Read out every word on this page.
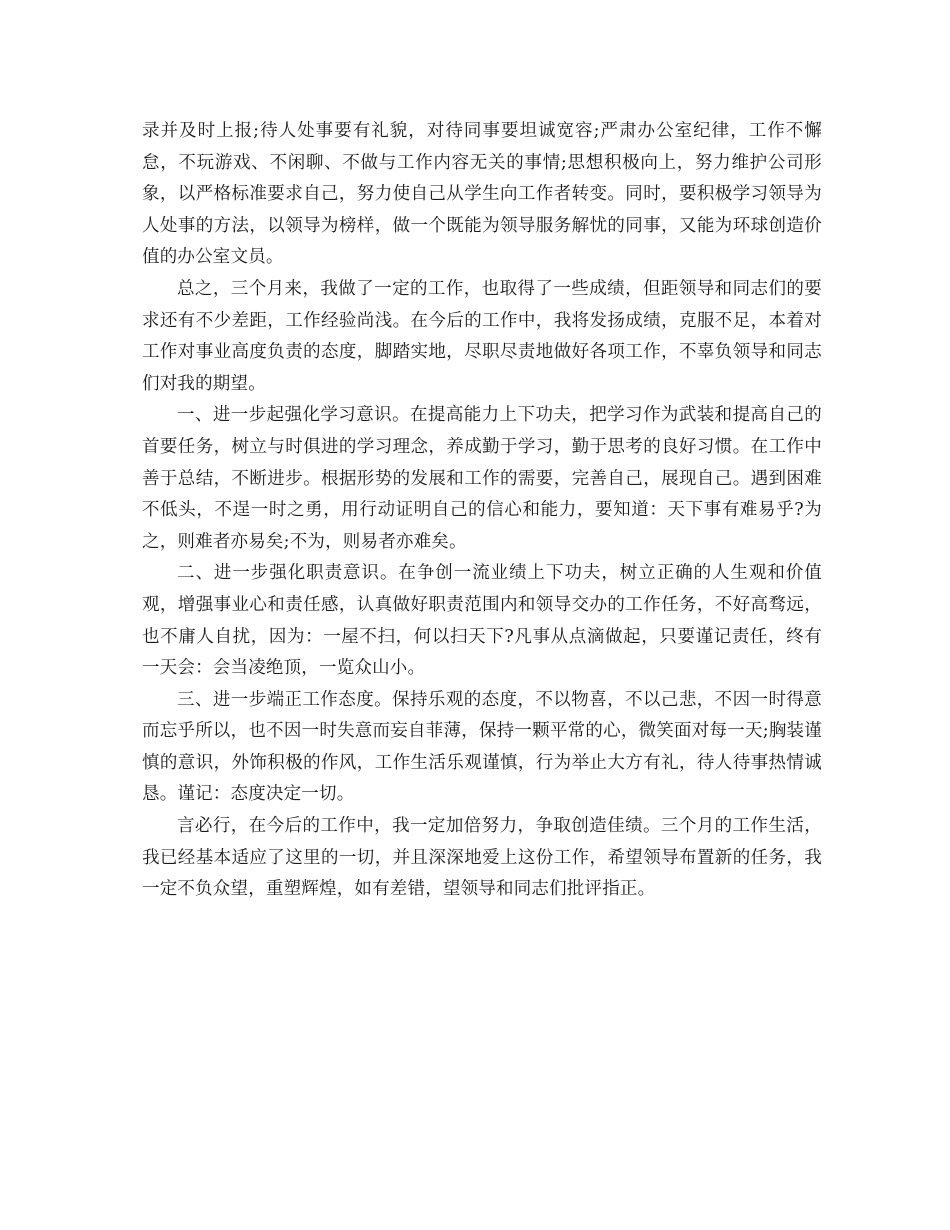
录并及时上报;待人处事要有礼貌，对待同事要坦诚宽容;严肃办公室纪律，工作不懈怠，不玩游戏、不闲聊、不做与工作内容无关的事情;思想积极向上，努力维护公司形象，以严格标准要求自己，努力使自己从学生向工作者转变。同时，要积极学习领导为人处事的方法，以领导为榜样，做一个既能为领导服务解忧的同事，又能为环球创造价值的办公室文员。

总之，三个月来，我做了一定的工作，也取得了一些成绩，但距领导和同志们的要求还有不少差距，工作经验尚浅。在今后的工作中，我将发扬成绩，克服不足，本着对工作对事业高度负责的态度，脚踏实地，尽职尽责地做好各项工作，不辜负领导和同志们对我的期望。

一、进一步起强化学习意识。在提高能力上下功夫，把学习作为武装和提高自己的首要任务，树立与时俱进的学习理念，养成勤于学习，勤于思考的良好习惯。在工作中善于总结，不断进步。根据形势的发展和工作的需要，完善自己，展现自己。遇到困难不低头，不逞一时之勇，用行动证明自己的信心和能力，要知道：天下事有难易乎?为之，则难者亦易矣;不为，则易者亦难矣。

二、进一步强化职责意识。在争创一流业绩上下功夫，树立正确的人生观和价值观，增强事业心和责任感，认真做好职责范围内和领导交办的工作任务，不好高骛远，也不庸人自扰，因为：一屋不扫，何以扫天下?凡事从点滴做起，只要谨记责任，终有一天会：会当凌绝顶，一览众山小。

三、进一步端正工作态度。保持乐观的态度，不以物喜，不以己悲，不因一时得意而忘乎所以，也不因一时失意而妄自菲薄，保持一颗平常的心，微笑面对每一天;胸装谨慎的意识，外饰积极的作风，工作生活乐观谨慎，行为举止大方有礼，待人待事热情诚恳。谨记：态度决定一切。

言必行，在今后的工作中，我一定加倍努力，争取创造佳绩。三个月的工作生活，我已经基本适应了这里的一切，并且深深地爱上这份工作，希望领导布置新的任务，我一定不负众望，重塑辉煌，如有差错，望领导和同志们批评指正。
